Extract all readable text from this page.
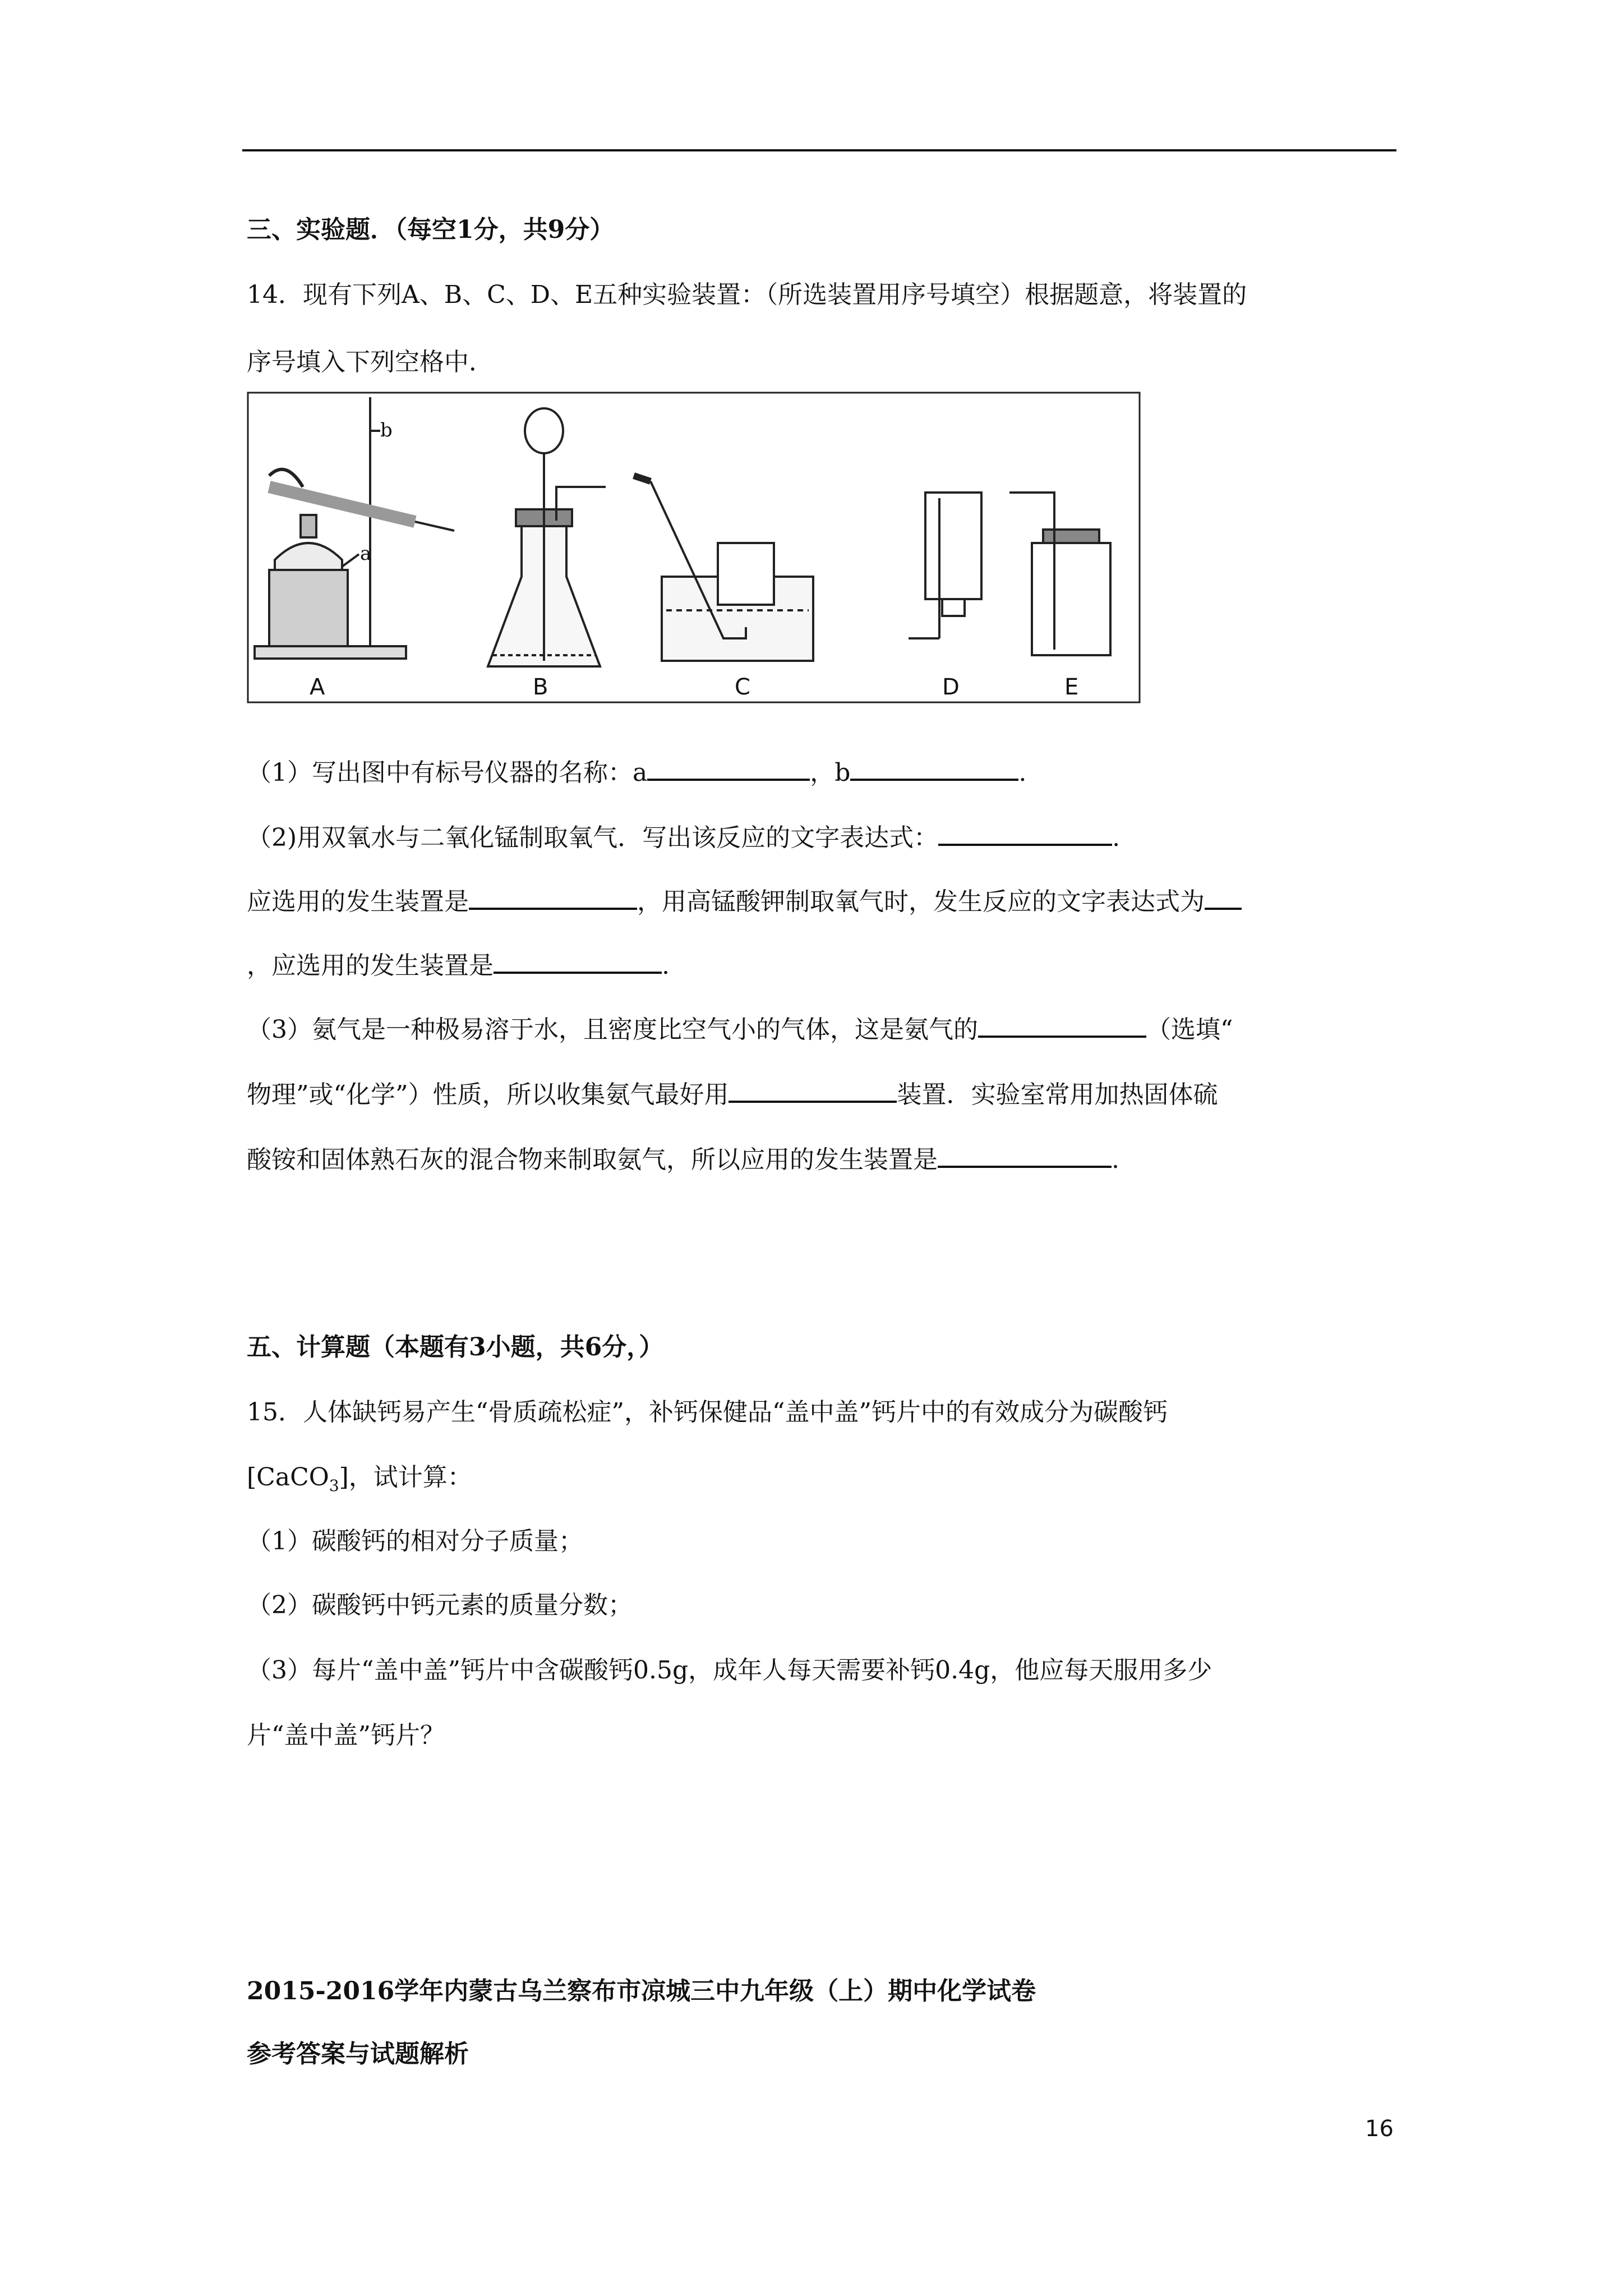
三、实验题．（每空1分，共9分）
14．现有下列A、B、C、D、E五种实验装置：（所选装置用序号填空）根据题意，将装置的
序号填入下列空格中．
a
b
A	B	C	D	E
（1）写出图中有标号仪器的名称：a	，b	.
（2)用双氧水与二氧化锰制取氧气．写出该反应的文字表达式：	.
应选用的发生装置是	，用高锰酸钾制取氧气时，发生反应的文字表达式为
，应选用的发生装置是	.
（3）氨气是一种极易溶于水，且密度比空气小的气体，这是氨气的	（选填“
物理”或“化学”）性质，所以收集氨气最好用	装置．实验室常用加热固体硫
酸铵和固体熟石灰的混合物来制取氨气，所以应用的发生装置是	.
五、计算题（本题有3小题，共6分，）
15．人体缺钙易产生“骨质疏松症”，补钙保健品“盖中盖”钙片中的有效成分为碳酸钙
[CaCO$_3$]，试计算：
（1）碳酸钙的相对分子质量；
（2）碳酸钙中钙元素的质量分数；
（3）每片“盖中盖”钙片中含碳酸钙0.5g，成年人每天需要补钙0.4g，他应每天服用多少
片“盖中盖”钙片？
2015-2016学年内蒙古乌兰察布市凉城三中九年级（上）期中化学试卷
参考答案与试题解析
16
